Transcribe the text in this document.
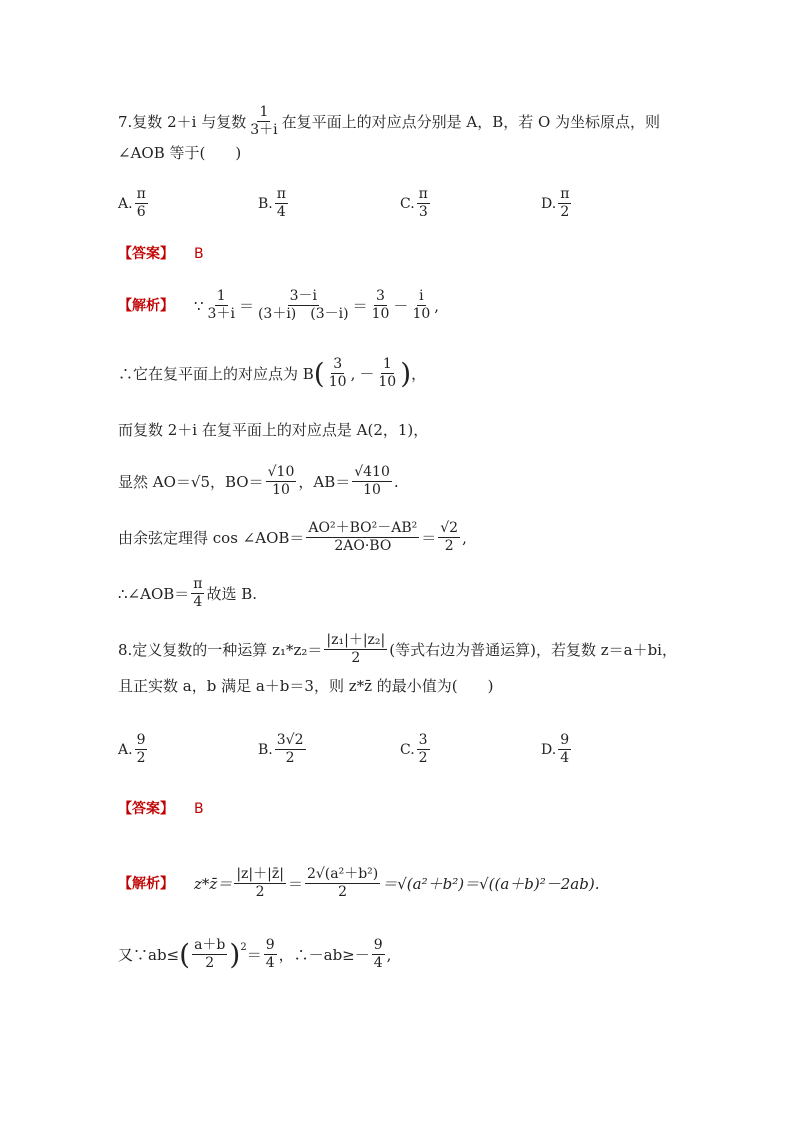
7.复数 2＋i 与复数 $\frac{1}{3+i}$ 在复平面上的对应点分别是 A，B，若 O 为坐标原点，则
∠AOB 等于(　　)
A. $\frac{\pi}{6}$	B. $\frac{\pi}{4}$	C. $\frac{\pi}{3}$	D. $\frac{\pi}{2}$
【答案】 B
【解析】 ∵ $\frac{1}{3+i} = \frac{3-i}{(3+i) (3-i)} = \frac{3}{10} - \frac{i}{10}$ ,
∴它在复平面上的对应点为 B ( $\frac{3}{10}$ , － $\frac{1}{10}$ ) ，
而复数 2＋i 在复平面上的对应点是 A(2，1)，
显然 AO＝√5，$BO= \frac{√10}{10}$ ，$AB= \frac{√410}{10}$ .
由余弦定理得 cos ∠AOB＝ $\frac{\text{AO²＋BO²－AB²}}{2AO\cdot BO} = \frac{√2}{2}$ ,
∴∠AOB＝ $\frac{\pi}{4}$ 故选 B.
8.定义复数的一种运算 $z_1*z_2= \frac{\text{|z₁|＋|z₂|}}{2}$ (等式右边为普通运算)，若复数 z＝a＋bi，
且正实数 a，b 满足 a＋b＝3，则 z*z̄ 的最小值为(　　)
A. $\frac{9}{2}$	B. $\frac{3√2}{2}$	C. $\frac{3}{2}$	D. $\frac{9}{4}$
【答案】 B
【解析】 z*z̄＝ $\frac{|z|+|z̄|}{2} = \frac{\text{2√(a²＋b²)}}{2} =√(a^2+b^2)=√((a+b)^2-2ab)$.
又∵ab≤ ( $\frac{a+b}{2} )^2 = \frac{9}{4}$ ，∴－ab≥－ $\frac{9}{4}$ ,
